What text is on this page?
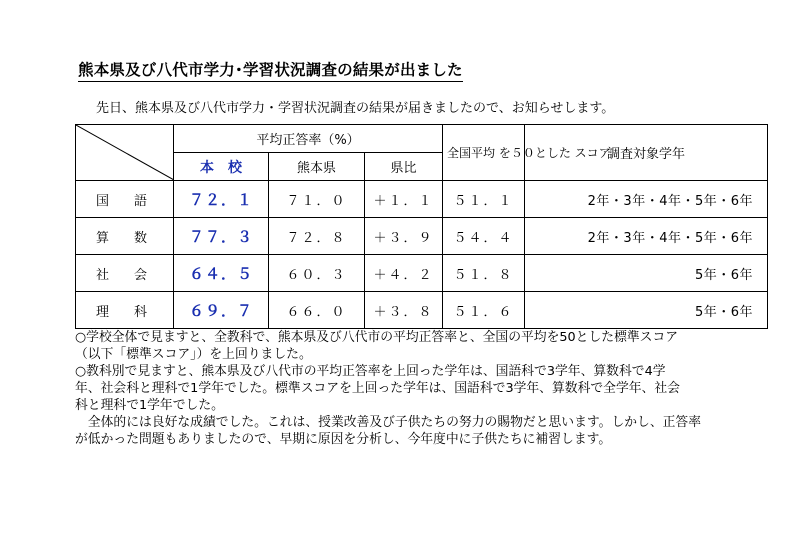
熊本県及び八代市学力･学習状況調査の結果が出ました
先日、熊本県及び八代市学力・学習状況調査の結果が届きましたので、お知らせします。
	平均正答率（%）			全国平均 を５０とした スコア	調査対象学年
	本　校	熊本県	県比		
国　語	７２．１	７１．０	＋１．１	５１．１	2年・3年・4年・5年・6年
算　数	７７．３	７２．８	＋３．９	５４．４	2年・3年・4年・5年・6年
社　会	６４．５	６０．３	＋４．２	５１．８	5年・6年
理　科	６９．７	６６．０	＋３．８	５１．６	5年・6年

○学校全体で見ますと、全教科で、熊本県及び八代市の平均正答率と、全国の平均を50とした標準スコア

（以下「標準スコア」）を上回りました。

○教科別で見ますと、熊本県及び八代市の平均正答率を上回った学年は、国語科で3学年、算数科で4学

年、社会科と理科で1学年でした。標準スコアを上回った学年は、国語科で3学年、算数科で全学年、社会

科と理科で1学年でした。

　全体的には良好な成績でした。これは、授業改善及び子供たちの努力の賜物だと思います。しかし、正答率

が低かった問題もありましたので、早期に原因を分析し、今年度中に子供たちに補習します。
